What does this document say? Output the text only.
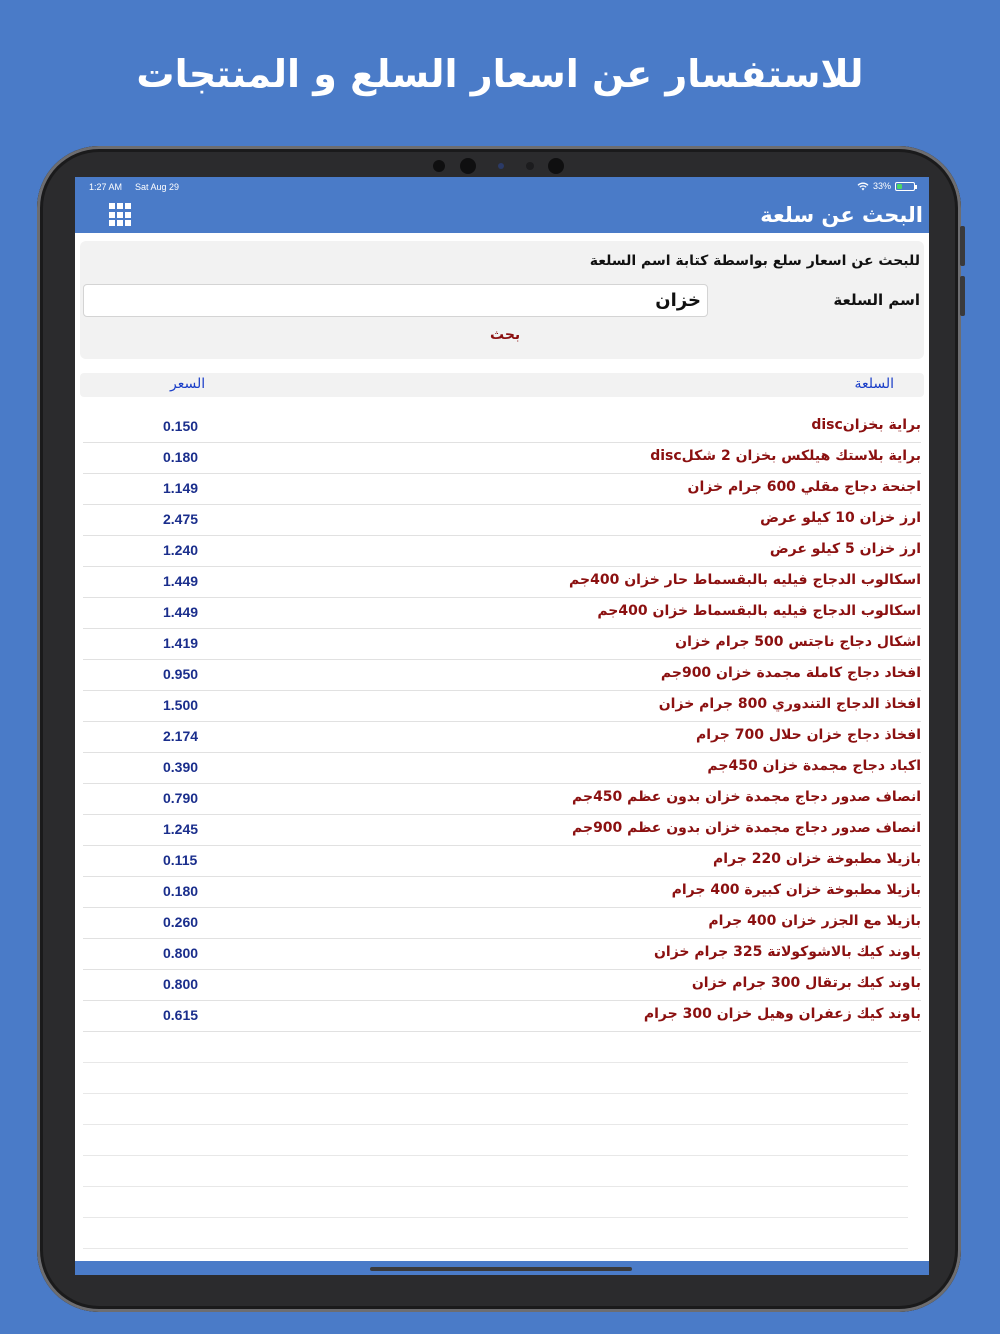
للاستفسار عن اسعار السلع و المنتجات
1:27 AM Sat Aug 29	33%
البحث عن سلعة
للبحث عن اسعار سلع بواسطة كتابة اسم السلعة
اسم السلعة
خزان
بحث
السلعة
السعر
براية بخزانdisc
0.150
براية بلاستك هيلكس بخزان 2 شكلdisc
0.180
اجنحة دجاج مقلي 600 جرام خزان
1.149
ارز خزان 10 كيلو عرض
2.475
ارز خزان 5 كيلو عرض
1.240
اسكالوب الدجاج فيليه بالبقسماط حار خزان 400جم
1.449
اسكالوب الدجاج فيليه بالبقسماط خزان 400جم
1.449
اشكال دجاج ناجتس 500 جرام خزان
1.419
افخاد دجاج كاملة مجمدة خزان 900جم
0.950
افخاذ الدجاج التندوري 800 جرام خزان
1.500
افخاذ دجاج خزان حلال 700 جرام
2.174
اكباد دجاج مجمدة خزان 450جم
0.390
انصاف صدور دجاج مجمدة خزان بدون عظم 450جم
0.790
انصاف صدور دجاج مجمدة خزان بدون عظم 900جم
1.245
بازيلا مطبوخة خزان 220 جرام
0.115
بازيلا مطبوخة خزان كبيرة 400 جرام
0.180
بازيلا مع الجزر خزان 400 جرام
0.260
باوند كيك بالاشوكولاتة 325 جرام خزان
0.800
باوند كيك برتقال 300 جرام خزان
0.800
باوند كيك زعفران وهيل خزان 300 جرام
0.615
